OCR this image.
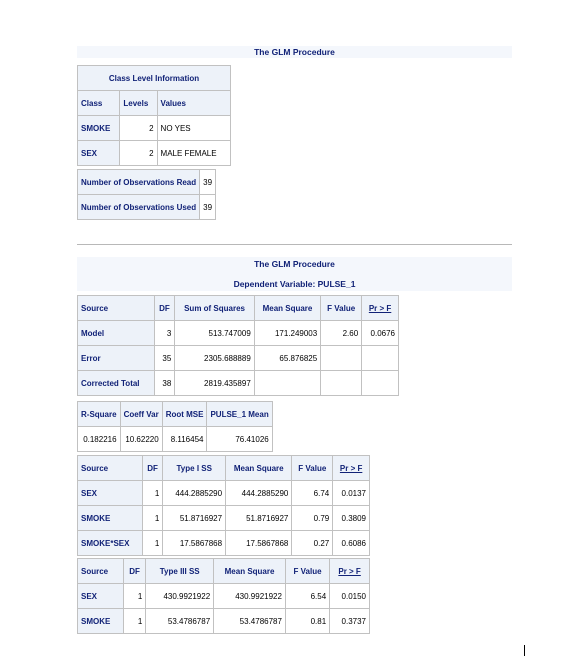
The GLM Procedure
Class Level Information		
Class	Levels	Values
SMOKE	2	NO YES
SEX	2	MALE FEMALE
Number of Observations Read	39
Number of Observations Used	39
The GLM Procedure
Dependent Variable: PULSE_1
Source	DF	Sum of Squares	Mean Square	F Value	Pr > F
Model	3	513.747009	171.249003	2.60	0.0676
Error	35	2305.688889	65.876825		
Corrected Total	38	2819.435897			
R-Square	Coeff Var	Root MSE	PULSE_1 Mean
0.182216	10.62220	8.116454	76.41026
Source	DF	Type I SS	Mean Square	F Value	Pr > F
SEX	1	444.2885290	444.2885290	6.74	0.0137
SMOKE	1	51.8716927	51.8716927	0.79	0.3809
SMOKE*SEX	1	17.5867868	17.5867868	0.27	0.6086
Source	DF	Type III SS	Mean Square	F Value	Pr > F
SEX	1	430.9921922	430.9921922	6.54	0.0150
SMOKE	1	53.4786787	53.4786787	0.81	0.3737
